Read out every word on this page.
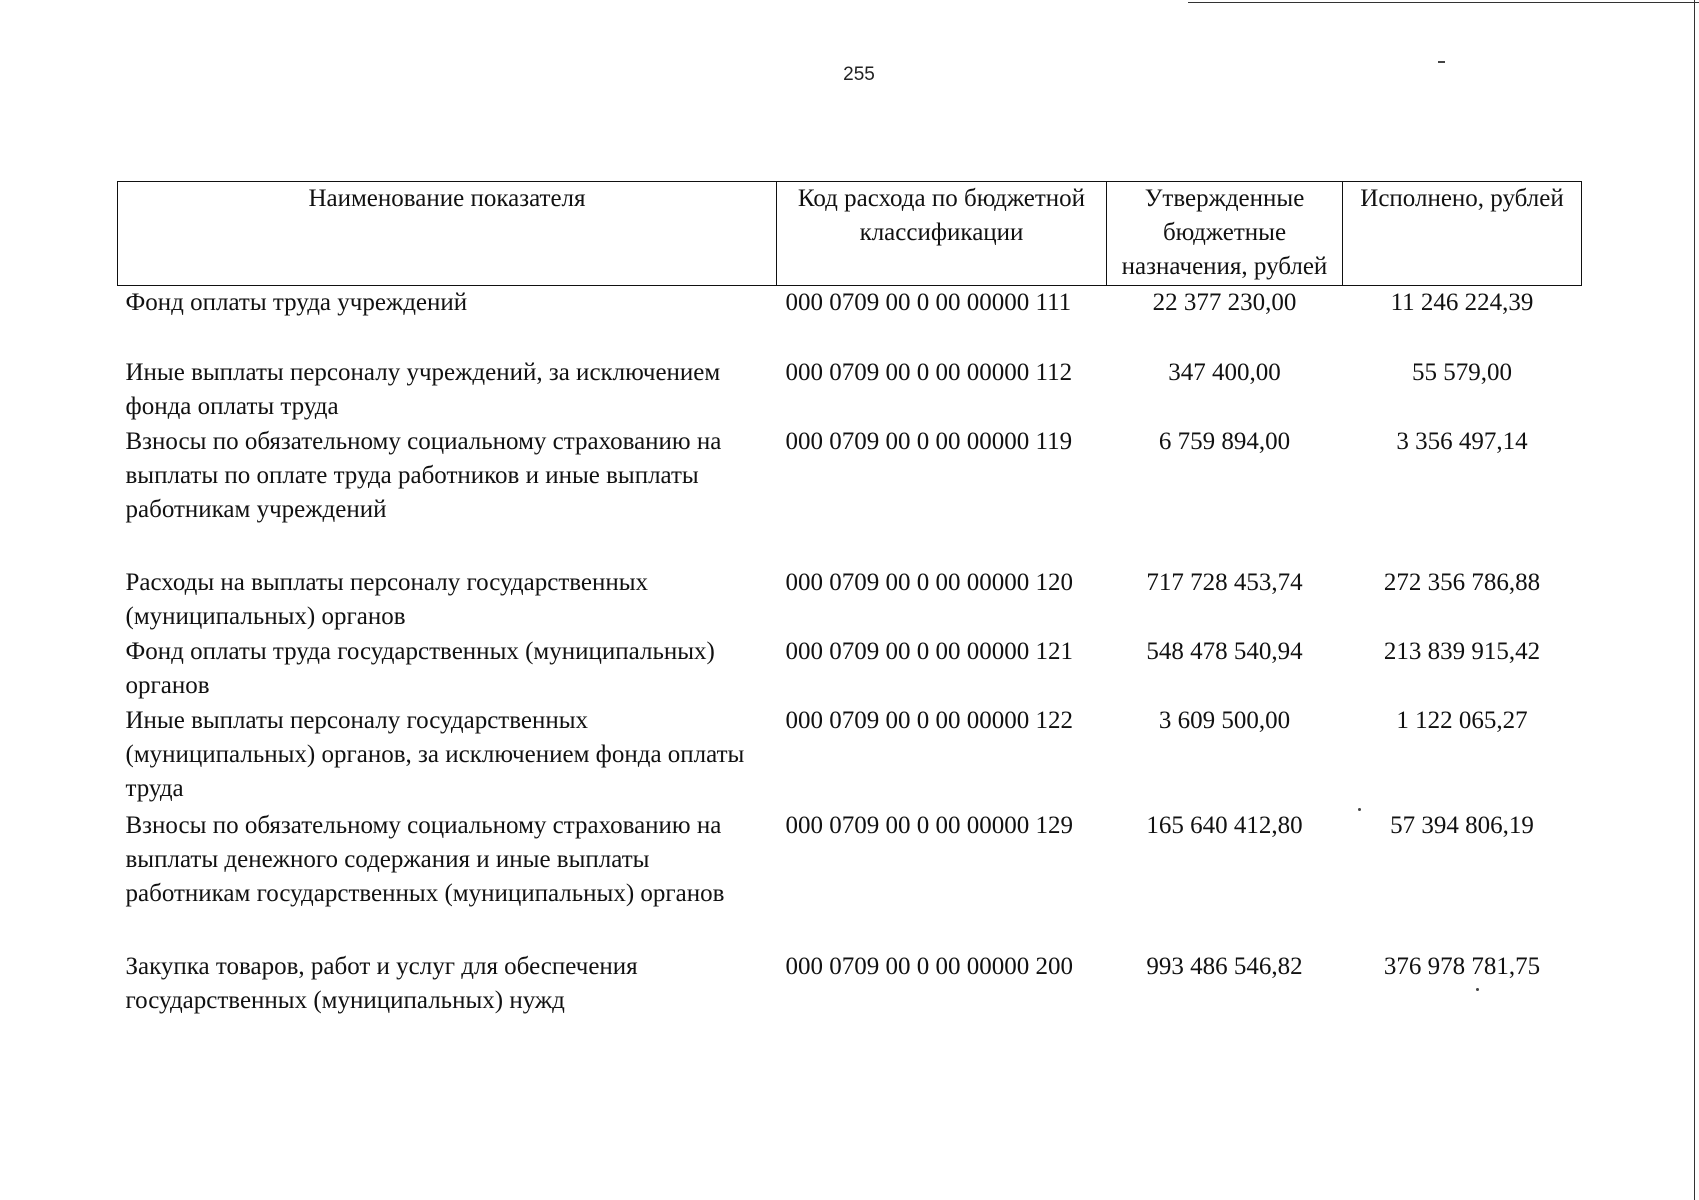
255
Наименование показателя	Код расхода по бюджетной классификации	Утвержденные бюджетные назначения, рублей	Исполнено, рублей
Фонд оплаты труда учреждений	000 0709 00 0 00 00000 111	22 377 230,00	11 246 224,39
Иные выплаты персоналу учреждений, за исключением фонда оплаты труда	000 0709 00 0 00 00000 112	347 400,00	55 579,00
Взносы по обязательному социальному страхованию на выплаты по оплате труда работников и иные выплаты работникам учреждений	000 0709 00 0 00 00000 119	6 759 894,00	3 356 497,14
Расходы на выплаты персоналу государственных (муниципальных) органов	000 0709 00 0 00 00000 120	717 728 453,74	272 356 786,88
Фонд оплаты труда государственных (муниципальных) органов	000 0709 00 0 00 00000 121	548 478 540,94	213 839 915,42
Иные выплаты персоналу государственных (муниципальных) органов, за исключением фонда оплаты труда	000 0709 00 0 00 00000 122	3 609 500,00	1 122 065,27
Взносы по обязательному социальному страхованию на выплаты денежного содержания и иные выплаты работникам государственных (муниципальных) органов	000 0709 00 0 00 00000 129	165 640 412,80	57 394 806,19
Закупка товаров, работ и услуг для обеспечения государственных (муниципальных) нужд	000 0709 00 0 00 00000 200	993 486 546,82	376 978 781,75
